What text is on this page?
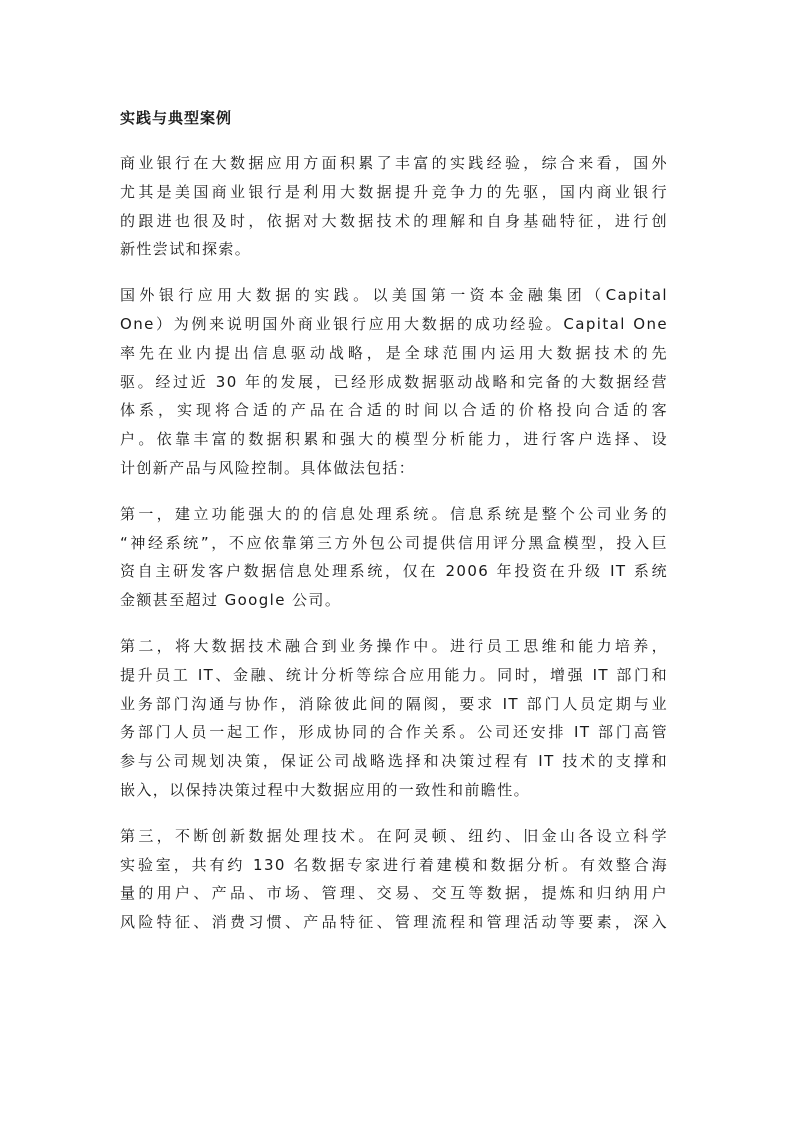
实践与典型案例
商业银行在大数据应用方面积累了丰富的实践经验，综合来看，国外
尤其是美国商业银行是利用大数据提升竞争力的先驱，国内商业银行
的跟进也很及时，依据对大数据技术的理解和自身基础特征，进行创
新性尝试和探索。
国外银行应用大数据的实践。以美国第一资本金融集团（Capital
One）为例来说明国外商业银行应用大数据的成功经验。Capital One
率先在业内提出信息驱动战略，是全球范围内运用大数据技术的先
驱。经过近 30 年的发展，已经形成数据驱动战略和完备的大数据经营
体系，实现将合适的产品在合适的时间以合适的价格投向合适的客
户。依靠丰富的数据积累和强大的模型分析能力，进行客户选择、设
计创新产品与风险控制。具体做法包括：
第一，建立功能强大的的信息处理系统。信息系统是整个公司业务的
“神经系统”，不应依靠第三方外包公司提供信用评分黑盒模型，投入巨
资自主研发客户数据信息处理系统，仅在 2006 年投资在升级 IT 系统
金额甚至超过 Google 公司。
第二，将大数据技术融合到业务操作中。进行员工思维和能力培养，
提升员工 IT、金融、统计分析等综合应用能力。同时，增强 IT 部门和
业务部门沟通与协作，消除彼此间的隔阂，要求 IT 部门人员定期与业
务部门人员一起工作，形成协同的合作关系。公司还安排 IT 部门高管
参与公司规划决策，保证公司战略选择和决策过程有 IT 技术的支撑和
嵌入，以保持决策过程中大数据应用的一致性和前瞻性。
第三，不断创新数据处理技术。在阿灵顿、纽约、旧金山各设立科学
实验室，共有约 130 名数据专家进行着建模和数据分析。有效整合海
量的用户、产品、市场、管理、交易、交互等数据，提炼和归纳用户
风险特征、消费习惯、产品特征、管理流程和管理活动等要素，深入
